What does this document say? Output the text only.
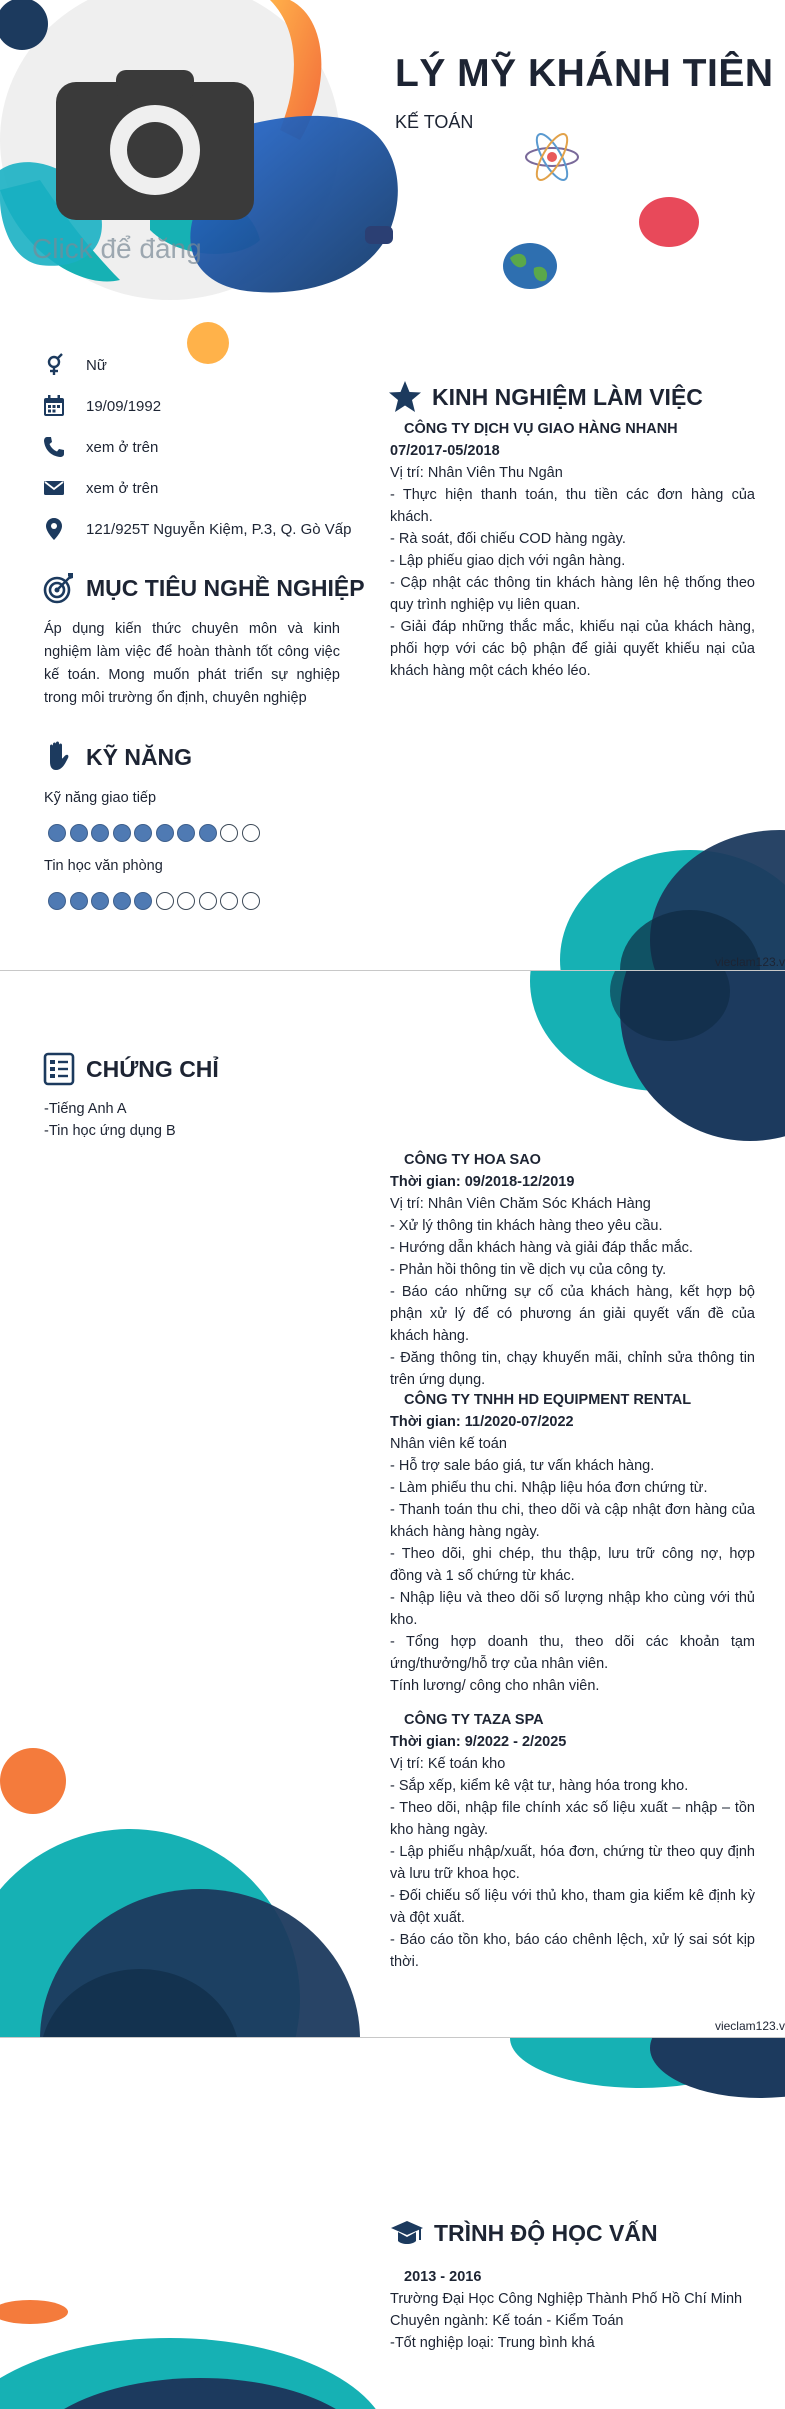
Click để đăng
LÝ MỸ KHÁNH TIÊN
KẾ TOÁN
Nữ
19/09/1992
xem ở trên
xem ở trên
121/925T Nguyễn Kiệm, P.3, Q. Gò Vấp
MỤC TIÊU NGHỀ NGHIỆP
Áp dụng kiến thức chuyên môn và kinh nghiệm làm việc để hoàn thành tốt công việc kế toán. Mong muốn phát triển sự nghiệp trong môi trường ổn định, chuyên nghiệp
KỸ NĂNG
Kỹ năng giao tiếp
Tin học văn phòng
KINH NGHIỆM LÀM VIỆC
CÔNG TY DỊCH VỤ GIAO HÀNG NHANH
07/2017-05/2018
Vị trí: Nhân Viên Thu Ngân
- Thực hiện thanh toán, thu tiền các đơn hàng của khách.
- Rà soát, đối chiếu COD hàng ngày.
- Lập phiếu giao dịch với ngân hàng.
- Cập nhật các thông tin khách hàng lên hệ thống theo quy trình nghiệp vụ liên quan.
- Giải đáp những thắc mắc, khiếu nại của khách hàng, phối hợp với các bộ phận để giải quyết khiếu nại của khách hàng một cách khéo léo.
vieclam123.v
CHỨNG CHỈ
-Tiếng Anh A
-Tin học ứng dụng B
CÔNG TY HOA SAO
Thời gian: 09/2018-12/2019
Vị trí: Nhân Viên Chăm Sóc Khách Hàng
- Xử lý thông tin khách hàng theo yêu cầu.
- Hướng dẫn khách hàng và giải đáp thắc mắc.
- Phản hồi thông tin về dịch vụ của công ty.
- Báo cáo những sự cố của khách hàng, kết hợp bộ phận xử lý để có phương án giải quyết vấn đề của khách hàng.
- Đăng thông tin, chạy khuyến mãi, chỉnh sửa thông tin trên ứng dụng.
CÔNG TY TNHH HD EQUIPMENT RENTAL
Thời gian: 11/2020-07/2022
Nhân viên kế toán
- Hỗ trợ sale báo giá, tư vấn khách hàng.
- Làm phiếu thu chi. Nhập liệu hóa đơn chứng từ.
- Thanh toán thu chi, theo dõi và cập nhật đơn hàng của khách hàng hàng ngày.
- Theo dõi, ghi chép, thu thập, lưu trữ công nợ, hợp đồng và 1 số chứng từ khác.
- Nhập liệu và theo dõi số lượng nhập kho cùng với thủ kho.
- Tổng hợp doanh thu, theo dõi các khoản tạm ứng/thưởng/hỗ trợ của nhân viên.
Tính lương/ công cho nhân viên.
CÔNG TY TAZA SPA
Thời gian: 9/2022 - 2/2025
Vị trí: Kế toán kho
- Sắp xếp, kiểm kê vật tư, hàng hóa trong kho.
- Theo dõi, nhập file chính xác số liệu xuất – nhập – tồn kho hàng ngày.
- Lập phiếu nhập/xuất, hóa đơn, chứng từ theo quy định và lưu trữ khoa học.
- Đối chiếu số liệu với thủ kho, tham gia kiểm kê định kỳ và đột xuất.
- Báo cáo tồn kho, báo cáo chênh lệch, xử lý sai sót kịp thời.
vieclam123.v
TRÌNH ĐỘ HỌC VẤN
2013 - 2016
Trường Đại Học Công Nghiệp Thành Phố Hồ Chí Minh
Chuyên ngành: Kế toán - Kiểm Toán
-Tốt nghiệp loại: Trung bình khá
